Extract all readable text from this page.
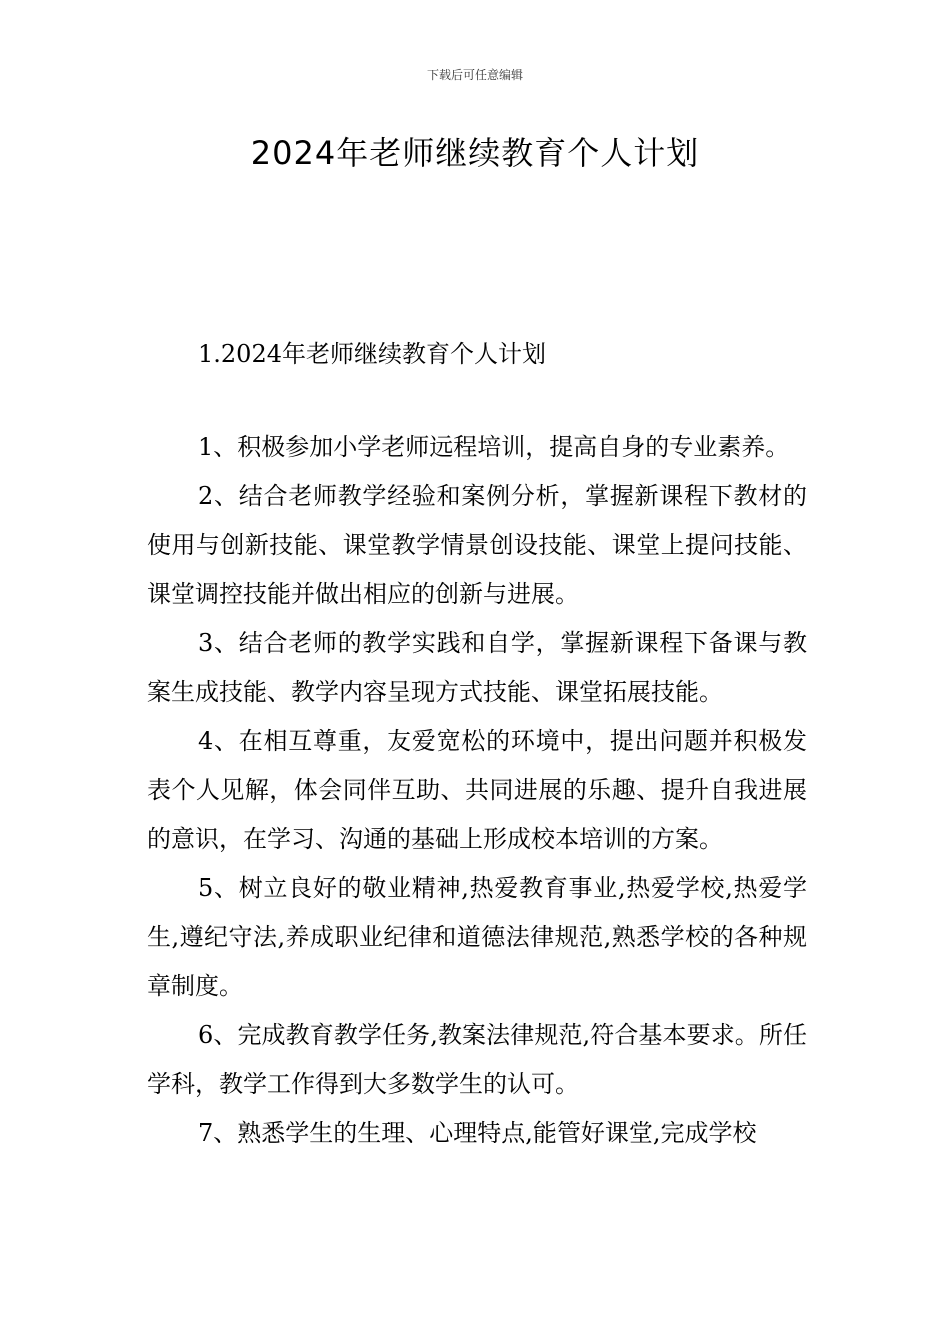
下载后可任意编辑
2024年老师继续教育个人计划
1.2024年老师继续教育个人计划

1、积极参加小学老师远程培训，提高自身的专业素养。

2、结合老师教学经验和案例分析，掌握新课程下教材的使用与创新技能、课堂教学情景创设技能、课堂上提问技能、课堂调控技能并做出相应的创新与进展。

3、结合老师的教学实践和自学，掌握新课程下备课与教案生成技能、教学内容呈现方式技能、课堂拓展技能。

4、在相互尊重，友爱宽松的环境中，提出问题并积极发表个人见解，体会同伴互助、共同进展的乐趣、提升自我进展的意识，在学习、沟通的基础上形成校本培训的方案。

5、树立良好的敬业精神,热爱教育事业,热爱学校,热爱学生,遵纪守法,养成职业纪律和道德法律规范,熟悉学校的各种规章制度。

6、完成教育教学任务,教案法律规范,符合基本要求。所任学科，教学工作得到大多数学生的认可。

7、熟悉学生的生理、心理特点,能管好课堂,完成学校
